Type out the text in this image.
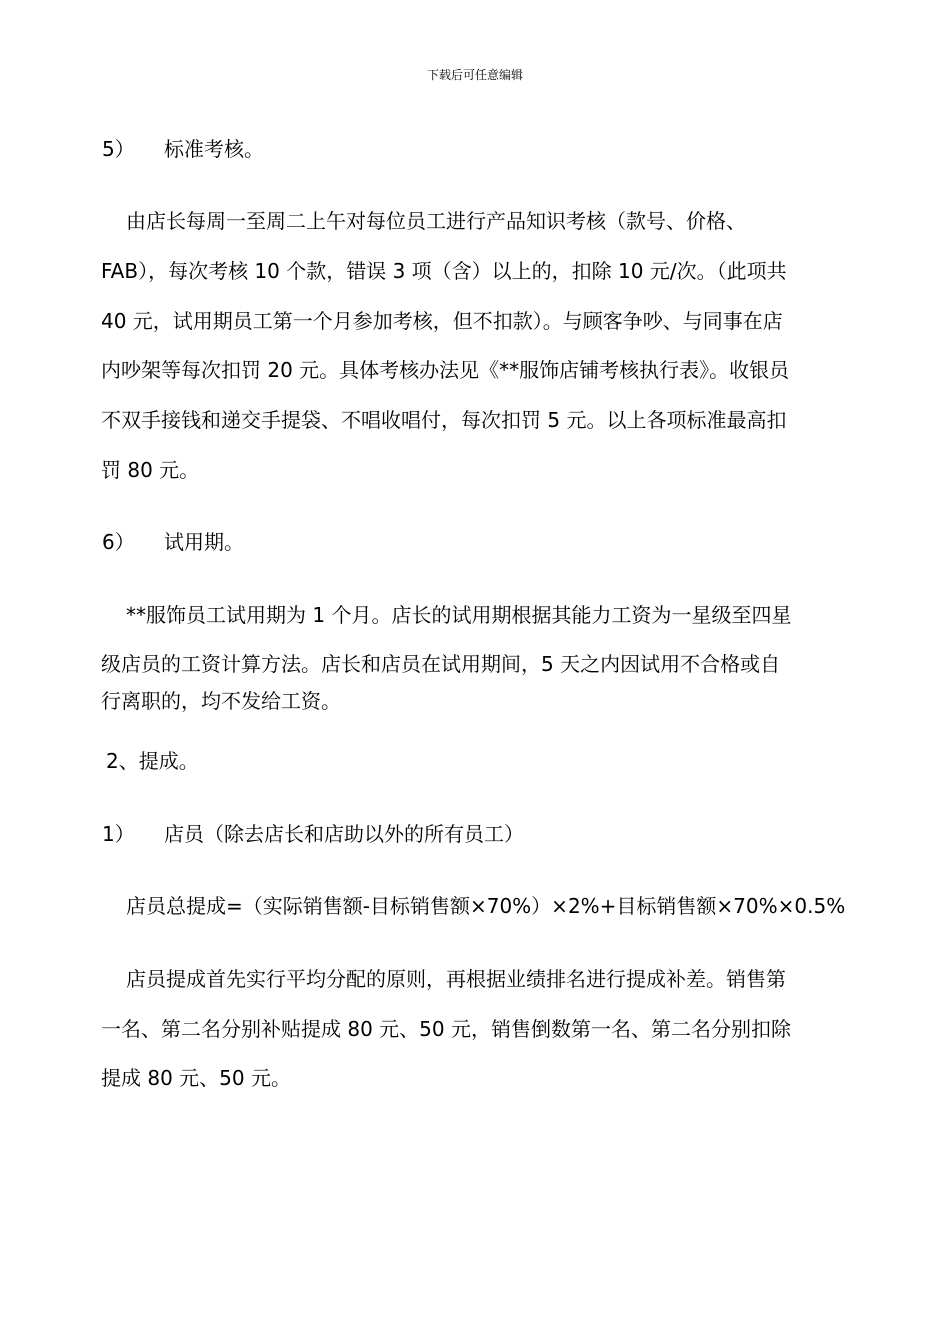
下载后可任意编辑
5） 标准考核。
由店长每周一至周二上午对每位员工进行产品知识考核（款号、价格、
FAB），每次考核 10 个款，错误 3 项（含）以上的，扣除 10 元/次。（此项共
40 元，试用期员工第一个月参加考核，但不扣款）。与顾客争吵、与同事在店
内吵架等每次扣罚 20 元。具体考核办法见《**服饰店铺考核执行表》。收银员
不双手接钱和递交手提袋、不唱收唱付，每次扣罚 5 元。以上各项标准最高扣
罚 80 元。
6） 试用期。
**服饰员工试用期为 1 个月。店长的试用期根据其能力工资为一星级至四星
级店员的工资计算方法。店长和店员在试用期间，5 天之内因试用不合格或自
行离职的，均不发给工资。
2、提成。
1） 店员（除去店长和店助以外的所有员工）
店员总提成=（实际销售额-目标销售额×70%）×2%+目标销售额×70%×0.5%
店员提成首先实行平均分配的原则，再根据业绩排名进行提成补差。销售第
一名、第二名分别补贴提成 80 元、50 元，销售倒数第一名、第二名分别扣除
提成 80 元、50 元。
